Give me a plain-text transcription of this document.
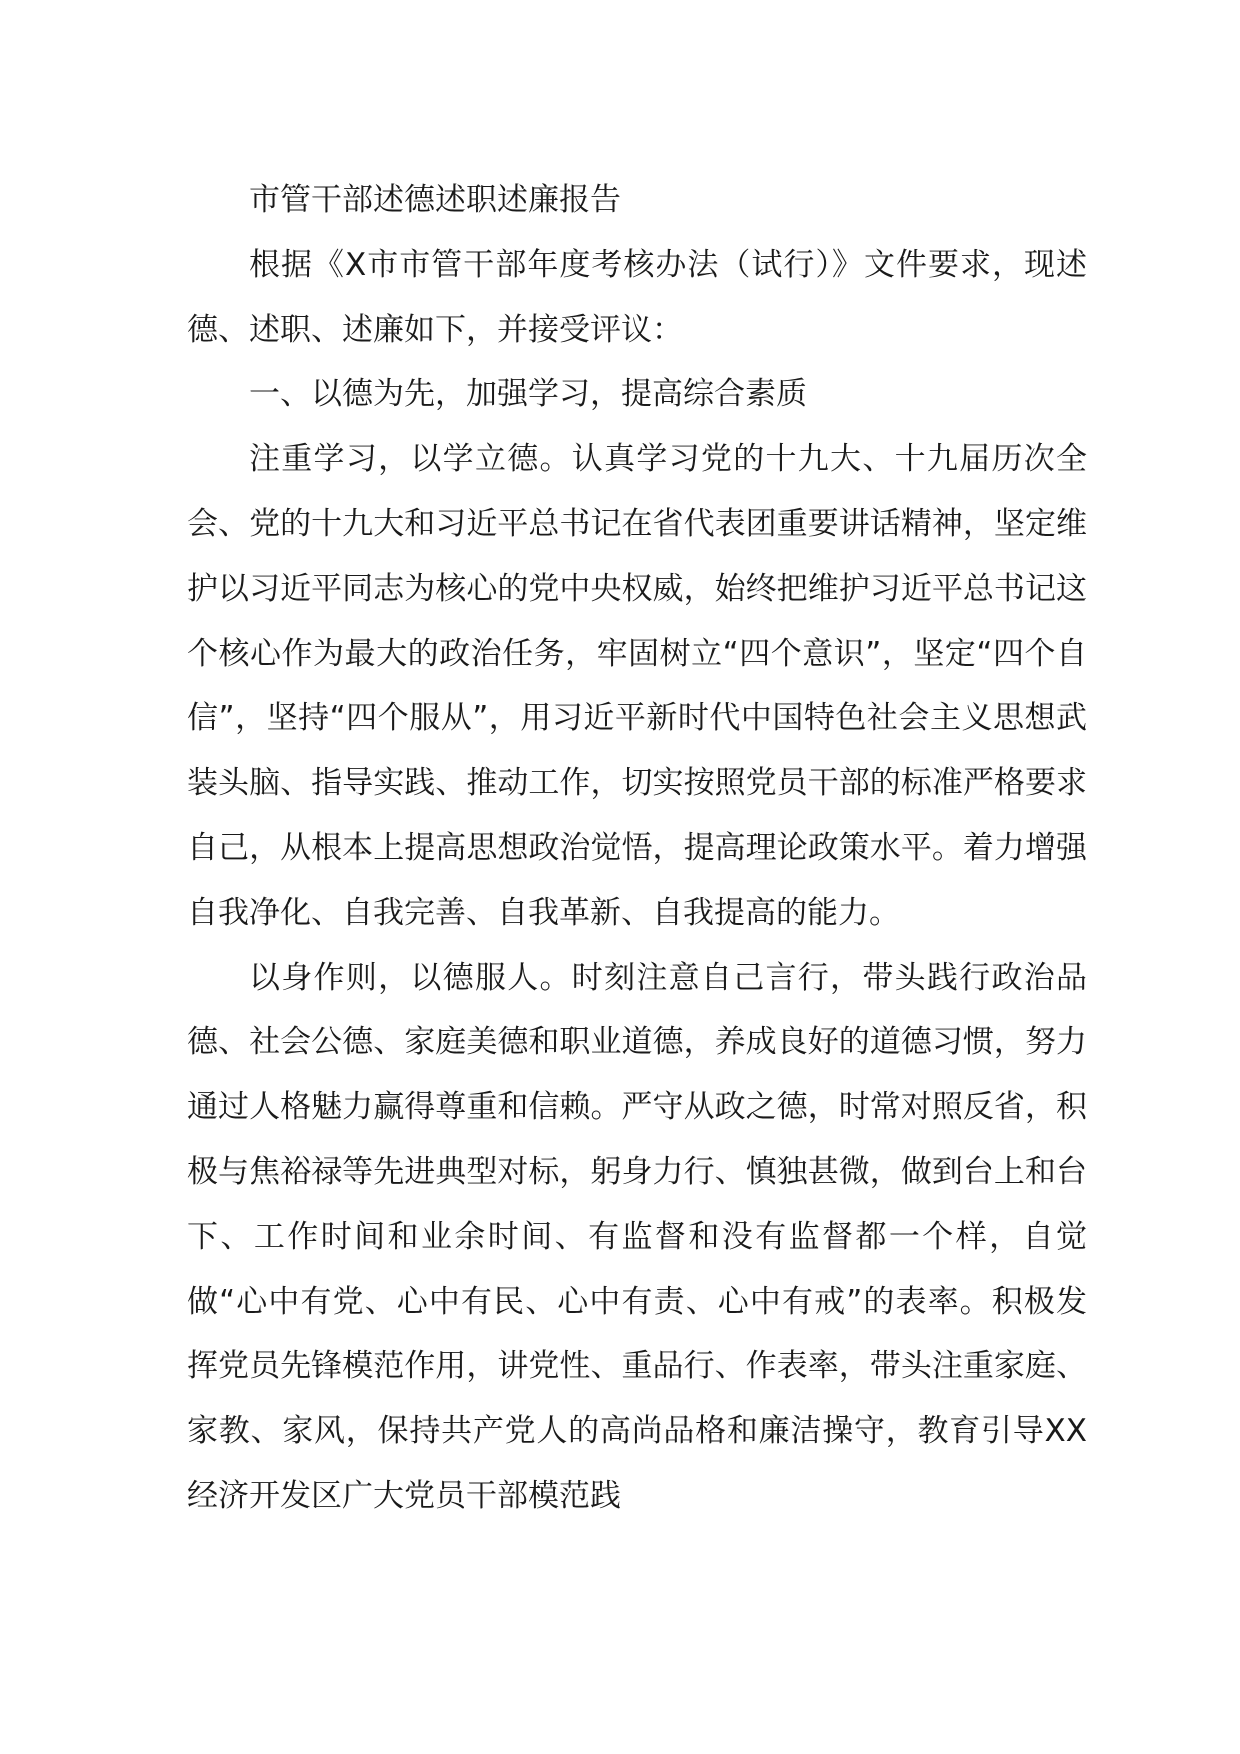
市管干部述德述职述廉报告

根据《X市市管干部年度考核办法（试行）》文件要求，现述德、述职、述廉如下，并接受评议：

一、以德为先，加强学习，提高综合素质

注重学习，以学立德。认真学习党的十九大、十九届历次全会、党的十九大和习近平总书记在省代表团重要讲话精神，坚定维护以习近平同志为核心的党中央权威，始终把维护习近平总书记这个核心作为最大的政治任务，牢固树立“四个意识”，坚定“四个自信”，坚持“四个服从”，用习近平新时代中国特色社会主义思想武装头脑、指导实践、推动工作，切实按照党员干部的标准严格要求自己，从根本上提高思想政治觉悟，提高理论政策水平。着力增强自我净化、自我完善、自我革新、自我提高的能力。

以身作则，以德服人。时刻注意自己言行，带头践行政治品德、社会公德、家庭美德和职业道德，养成良好的道德习惯，努力通过人格魅力赢得尊重和信赖。严守从政之德，时常对照反省，积极与焦裕禄等先进典型对标，躬身力行、慎独甚微，做到台上和台下、工作时间和业余时间、有监督和没有监督都一个样，自觉做“心中有党、心中有民、心中有责、心中有戒”的表率。积极发挥党员先锋模范作用，讲党性、重品行、作表率，带头注重家庭、家教、家风，保持共产党人的高尚品格和廉洁操守，教育引导XX经济开发区广大党员干部模范践
